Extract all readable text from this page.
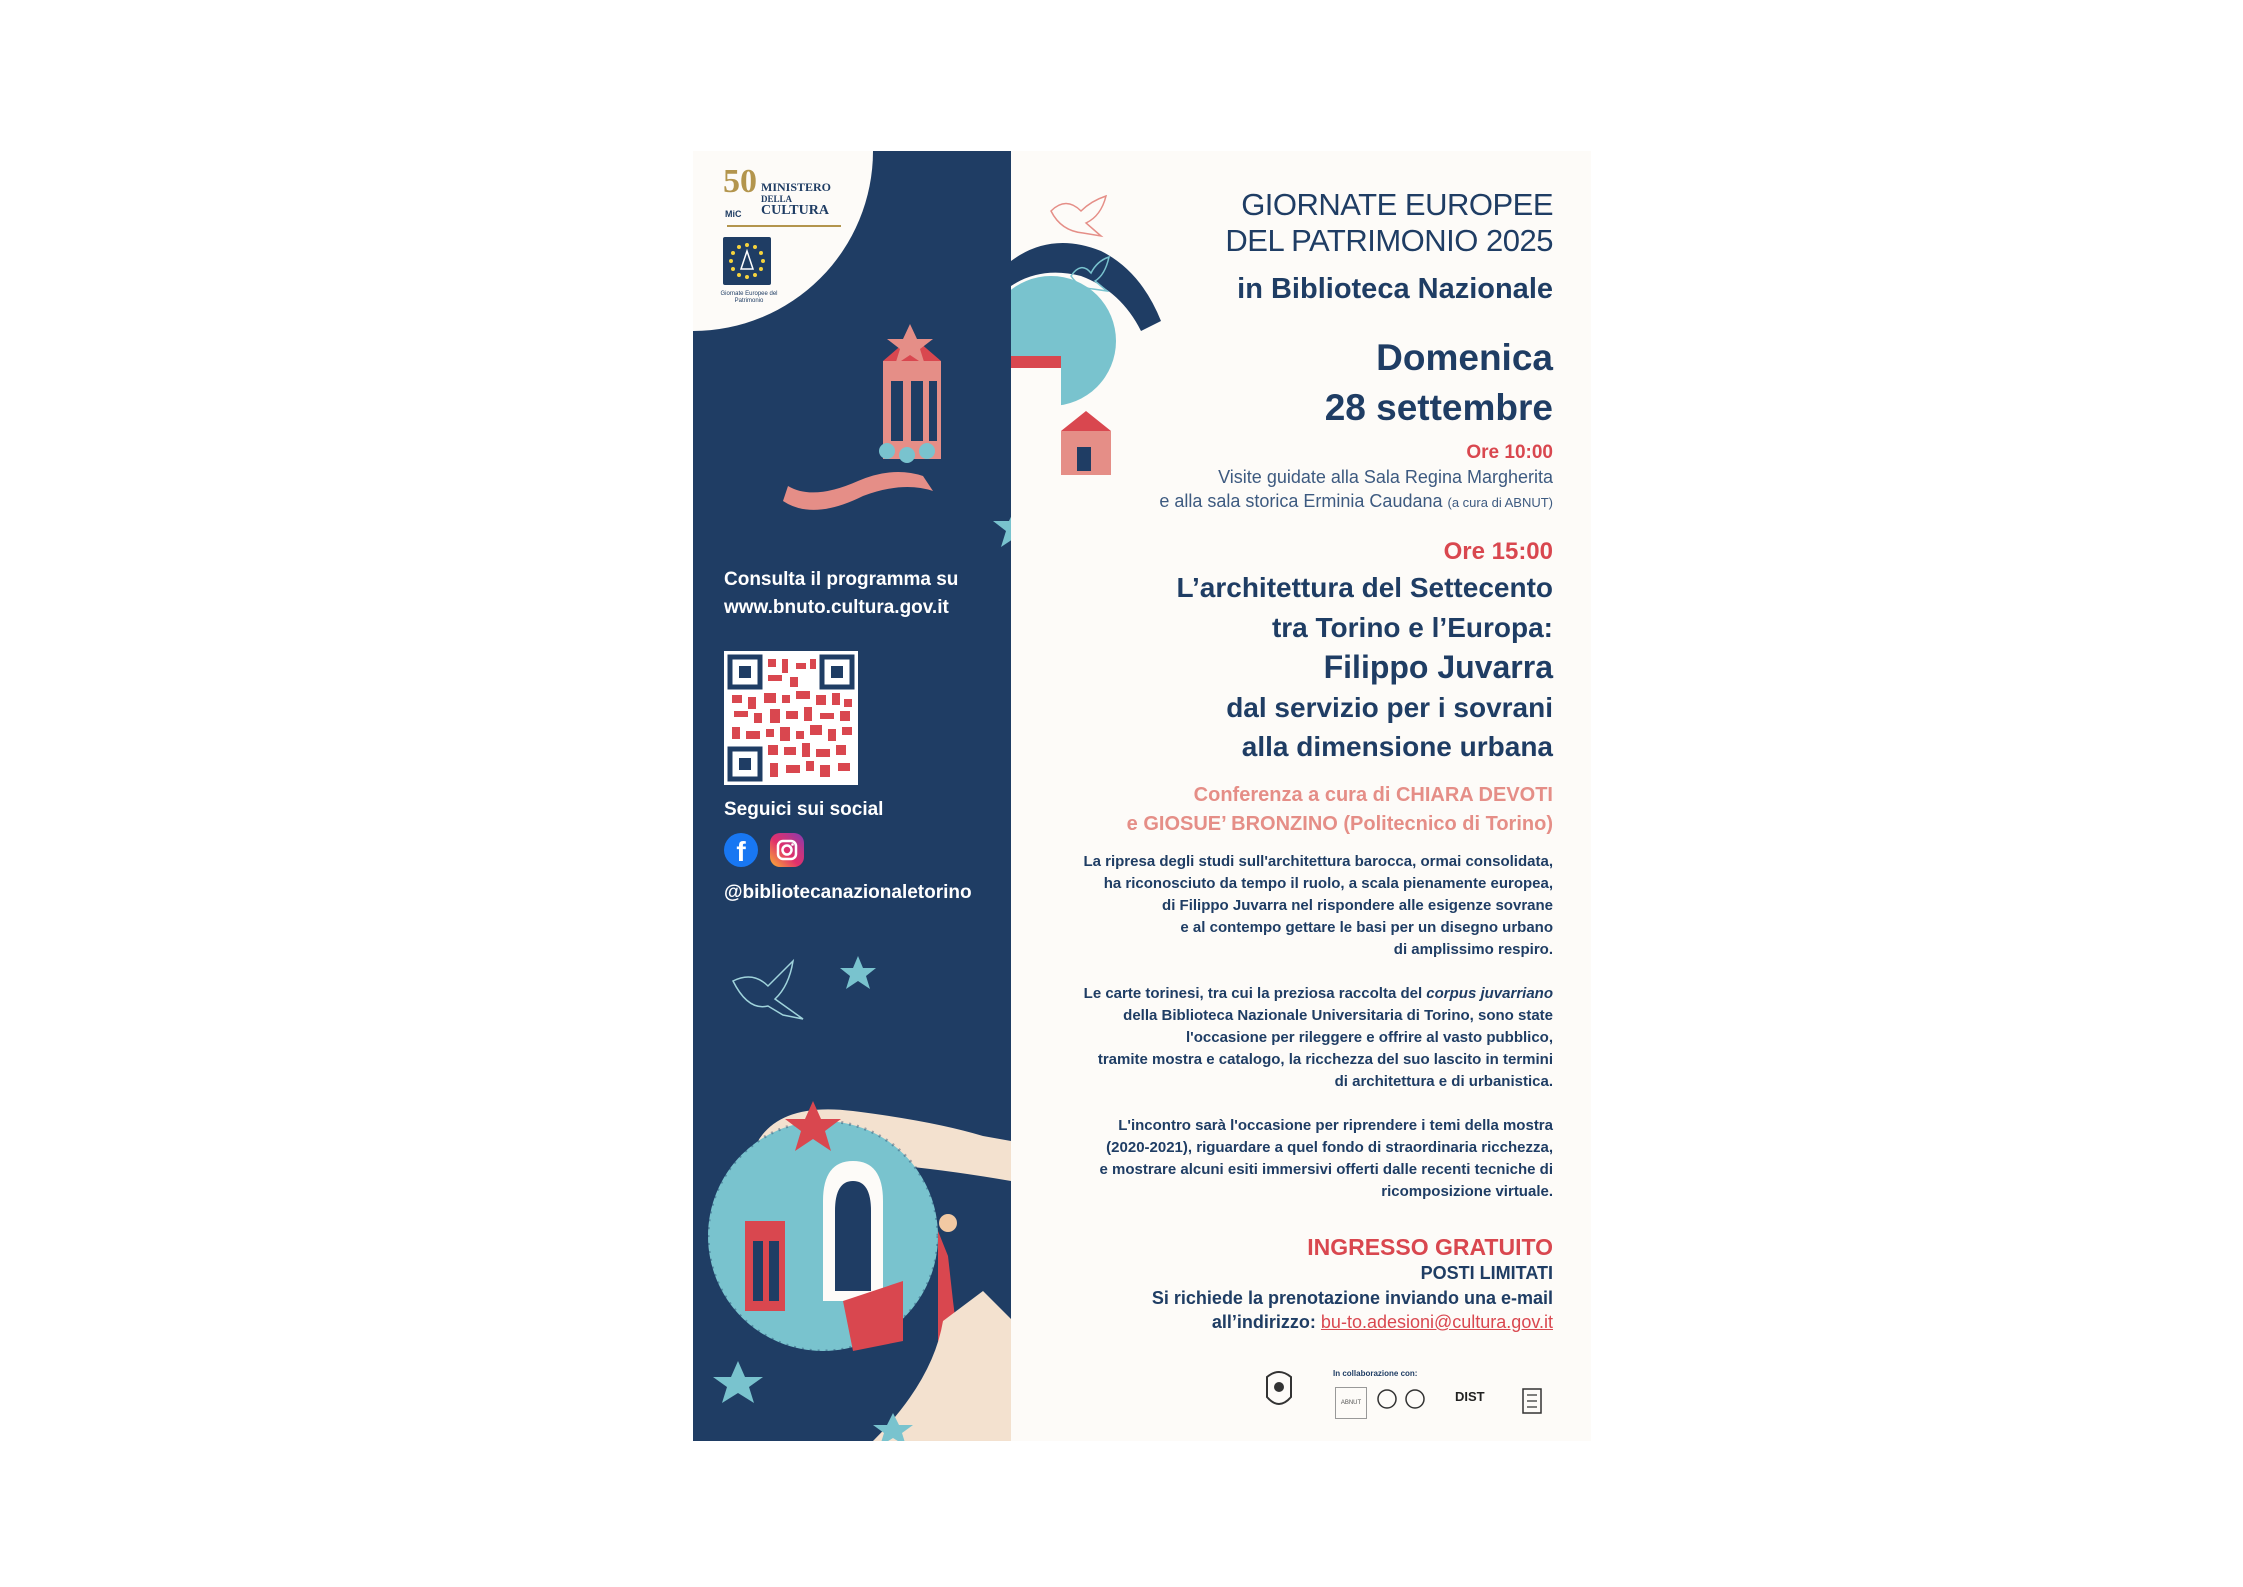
50 MINISTERO
DELLA
CULTURA
MiC
Giornate Europee del Patrimonio
Consulta il programma su
www.bnuto.cultura.gov.it
Seguici sui social
f
@bibliotecanazionaletorino
GIORNATE EUROPEE
DEL PATRIMONIO 2025
in Biblioteca Nazionale
Domenica
28 settembre
Ore 10:00
Visite guidate alla Sala Regina Margherita
e alla sala storica Erminia Caudana (a cura di ABNUT)
Ore 15:00
L’architettura del Settecento
tra Torino e l’Europa:
Filippo Juvarra
dal servizio per i sovrani
alla dimensione urbana
Conferenza a cura di CHIARA DEVOTI
e GIOSUE’ BRONZINO (Politecnico di Torino)
La ripresa degli studi sull'architettura barocca, ormai consolidata,
ha riconosciuto da tempo il ruolo, a scala pienamente europea,
di Filippo Juvarra nel rispondere alle esigenze sovrane
e al contempo gettare le basi per un disegno urbano
di amplissimo respiro.
Le carte torinesi, tra cui la preziosa raccolta del corpus juvarriano
della Biblioteca Nazionale Universitaria di Torino, sono state
l'occasione per rileggere e offrire al vasto pubblico,
tramite mostra e catalogo, la ricchezza del suo lascito in termini
di architettura e di urbanistica.
L'incontro sarà l'occasione per riprendere i temi della mostra
(2020-2021), riguardare a quel fondo di straordinaria ricchezza,
e mostrare alcuni esiti immersivi offerti dalle recenti tecniche di
ricomposizione virtuale.
INGRESSO GRATUITO
POSTI LIMITATI
Si richiede la prenotazione inviando una e-mail
all’indirizzo: bu-to.adesioni@cultura.gov.it
In collaborazione con:
ABNUT	DIST
